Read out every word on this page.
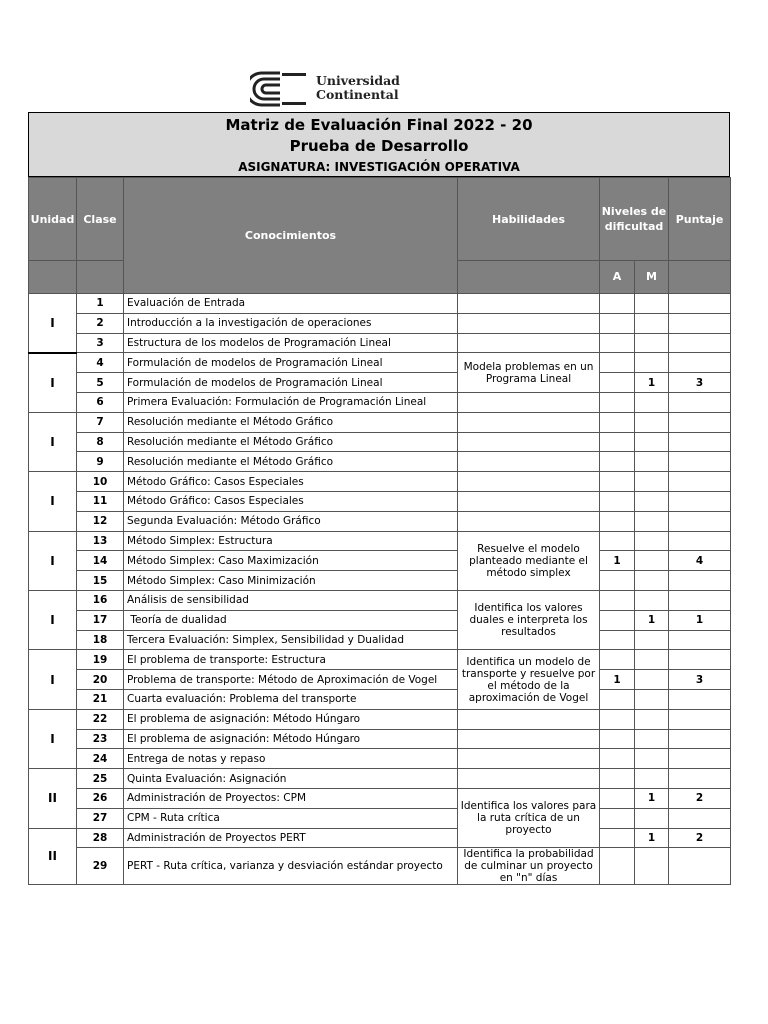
Universidad
Continental
Matriz de Evaluación Final 2022 - 20
Prueba de Desarrollo
ASIGNATURA: INVESTIGACIÓN OPERATIVA
Unidad	Clase	Conocimientos	Habilidades	Niveles de dificultad		Puntaje
				A	M	
I	1	Evaluación de Entrada				
	2	Introducción a la investigación de operaciones				
	3	Estructura de los modelos de Programación Lineal				
I	4	Formulación de modelos de Programación Lineal	Modela problemas en un Programa Lineal			
	5	Formulación de modelos de Programación Lineal			1	3
	6	Primera Evaluación: Formulación de Programación Lineal				
I	7	Resolución mediante el Método Gráfico				
	8	Resolución mediante el Método Gráfico				
	9	Resolución mediante el Método Gráfico				
I	10	Método Gráfico: Casos Especiales				
	11	Método Gráfico: Casos Especiales				
	12	Segunda Evaluación: Método Gráfico				
I	13	Método Simplex: Estructura	Resuelve el modelo planteado mediante el método simplex			
	14	Método Simplex: Caso Maximización		1		4
	15	Método Simplex: Caso Minimización				
I	16	Análisis de sensibilidad	Identifica los valores duales e interpreta los resultados			
	17	Teoría de dualidad			1	1
	18	Tercera Evaluación: Simplex, Sensibilidad y Dualidad				
I	19	El problema de transporte: Estructura	Identifica un modelo de transporte y resuelve por el método de la aproximación de Vogel			
	20	Problema de transporte: Método de Aproximación de Vogel		1		3
	21	Cuarta evaluación: Problema del transporte				
I	22	El problema de asignación: Método Húngaro				
	23	El problema de asignación: Método Húngaro				
	24	Entrega de notas y repaso				
II	25	Quinta Evaluación: Asignación				
	26	Administración de Proyectos: CPM	Identifica los valores para la ruta crítica de un proyecto		1	2
	27	CPM - Ruta crítica				
II	28	Administración de Proyectos PERT			1	2
	29	PERT - Ruta crítica, varianza y desviación estándar proyecto	Identifica la probabilidad de culminar un proyecto en "n" días			
